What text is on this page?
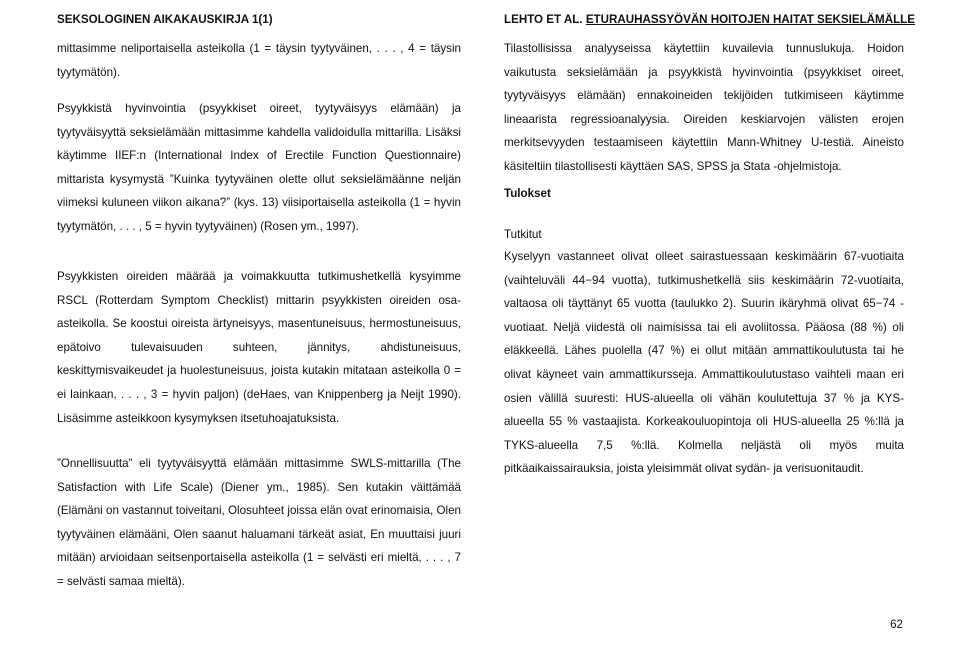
SEKSOLOGINEN AIKAKAUSKIRJA 1(1)

mittasimme neliportaisella asteikolla (1 = täysin tyytyväinen, . . . , 4 = täysin tyytymätön).

Psyykkistä hyvinvointia (psyykkiset oireet, tyytyväisyys elämään) ja tyytyväisyyttä seksielämään mittasimme kahdella validoidulla mittarilla. Lisäksi käytimme IIEF:n (International Index of Erectile Function Questionnaire) mittarista kysymystä ”Kuinka tyytyväinen olette ollut seksielämäänne neljän viimeksi kuluneen viikon aikana?” (kys. 13) viisiportaisella asteikolla (1 = hyvin tyytymätön, . . . , 5 = hyvin tyytyväinen) (Rosen ym., 1997).

Psyykkisten oireiden määrää ja voimakkuutta tutkimushetkellä kysyimme RSCL (Rotterdam Symptom Checklist) mittarin psyykkisten oireiden osa-asteikolla. Se koostui oireista ärtyneisyys, masentuneisuus, hermostuneisuus, epätoivo tulevaisuuden suhteen, jännitys, ahdistuneisuus, keskittymisvaikeudet ja huolestuneisuus, joista kutakin mitataan asteikolla 0 = ei lainkaan, . . . , 3 = hyvin paljon) (deHaes, van Knippenberg ja Neijt 1990). Lisäsimme asteikkoon kysymyksen itsetuhoajatuksista.

”Onnellisuutta” eli tyytyväisyyttä elämään mittasimme SWLS-mittarilla (The Satisfaction with Life Scale) (Diener ym., 1985). Sen kutakin väittämää (Elämäni on vastannut toiveitani, Olosuhteet joissa elän ovat erinomaisia, Olen tyytyväinen elämääni, Olen saanut haluamani tärkeät asiat, En muuttaisi juuri mitään) arvioidaan seitsenportaisella asteikolla (1 = selvästi eri mieltä, . . . , 7 = selvästi samaa mieltä).

LEHTO ET AL. ETURAUHASSYÖVÄN HOITOJEN HAITAT SEKSIELÄMÄLLE

Tilastollisissa analyyseissa käytettiin kuvailevia tunnuslukuja. Hoidon vaikutusta seksielämään ja psyykkistä hyvinvointia (psyykkiset oireet, tyytyväisyys elämään) ennakoineiden tekijöiden tutkimiseen käytimme lineaarista regressioanalyysia. Oireiden keskiarvojen välisten erojen merkitsevyyden testaamiseen käytettiin Mann-Whitney U-testiä. Aineisto käsiteltiin tilastollisesti käyttäen SAS, SPSS ja Stata -ohjelmistoja.

Tulokset

Tutkitut

Kyselyyn vastanneet olivat olleet sairastuessaan keskimäärin 67-vuotiaita (vaihteluväli 44−94 vuotta), tutkimushetkellä siis keskimäärin 72-vuotiaita, valtaosa oli täyttänyt 65 vuotta (taulukko 2). Suurin ikäryhmä olivat 65−74 -vuotiaat. Neljä viidestä oli naimisissa tai eli avoliitossa. Pääosa (88 %) oli eläkkeellä. Lähes puolella (47 %) ei ollut mitään ammattikoulutusta tai he olivat käyneet vain ammattikursseja. Ammattikoulutustaso vaihteli maan eri osien välillä suuresti: HUS-alueella oli vähän koulutettuja 37 % ja KYS-alueella 55 % vastaajista. Korkeakouluopintoja oli HUS-alueella 25 %:llä ja TYKS-alueella 7,5 %:llä. Kolmella neljästä oli myös muita pitkäaikaissairauksia, joista yleisimmät olivat sydän- ja verisuonitaudit.

62
